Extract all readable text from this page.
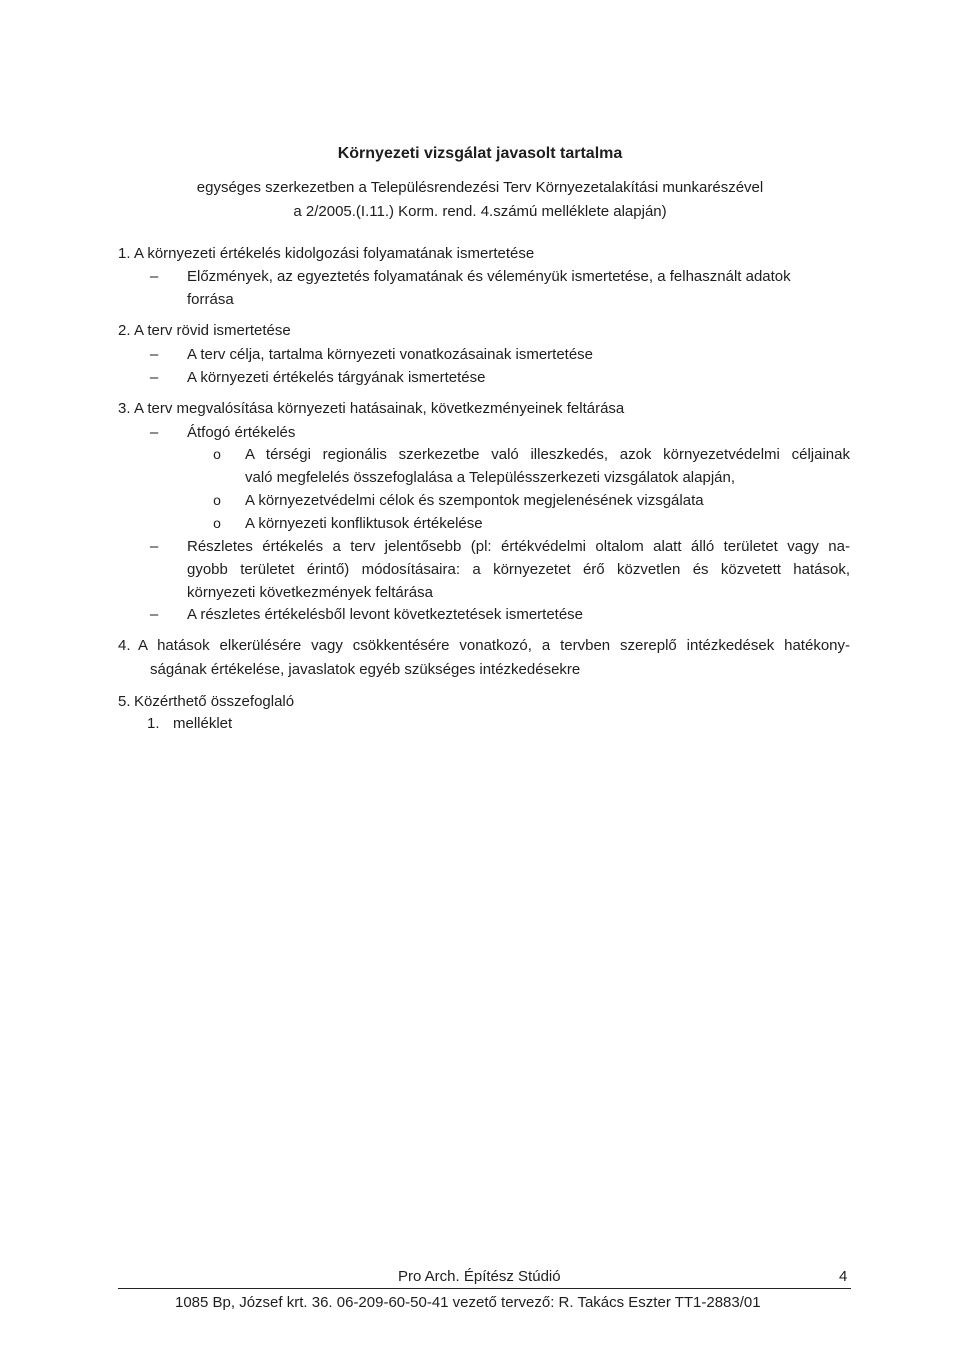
Környezeti vizsgálat javasolt tartalma
egységes szerkezetben a Településrendezési Terv Környezetalakítási munkarészével
a 2/2005.(I.11.) Korm. rend. 4.számú melléklete alapján)
1. A környezeti értékelés kidolgozási folyamatának ismertetése
– Előzmények, az egyeztetés folyamatának és véleményük ismertetése, a felhasznált adatok
forrása
2. A terv rövid ismertetése
– A terv célja, tartalma környezeti vonatkozásainak ismertetése
– A környezeti értékelés tárgyának ismertetése
3. A terv megvalósítása környezeti hatásainak, következményeinek feltárása
– Átfogó értékelés
o A térségi regionális szerkezetbe való illeszkedés, azok környezetvédelmi céljainak
való megfelelés összefoglalása a Településszerkezeti vizsgálatok alapján,
o A környezetvédelmi célok és szempontok megjelenésének vizsgálata
o A környezeti konfliktusok értékelése
– Részletes értékelés a terv jelentősebb (pl: értékvédelmi oltalom alatt álló területet vagy na-
gyobb területet érintő) módosításaira: a környezetet érő közvetlen és közvetett hatások,
környezeti következmények feltárása
– A részletes értékelésből levont következtetések ismertetése
4. A hatások elkerülésére vagy csökkentésére vonatkozó, a tervben szereplő intézkedések hatékony-
ságának értékelése, javaslatok egyéb szükséges intézkedésekre
5. Közérthető összefoglaló
1. melléklet
Pro Arch. Építész Stúdió	4
1085 Bp, József krt. 36. 06-209-60-50-41 vezető tervező: R. Takács Eszter TT1-2883/01
